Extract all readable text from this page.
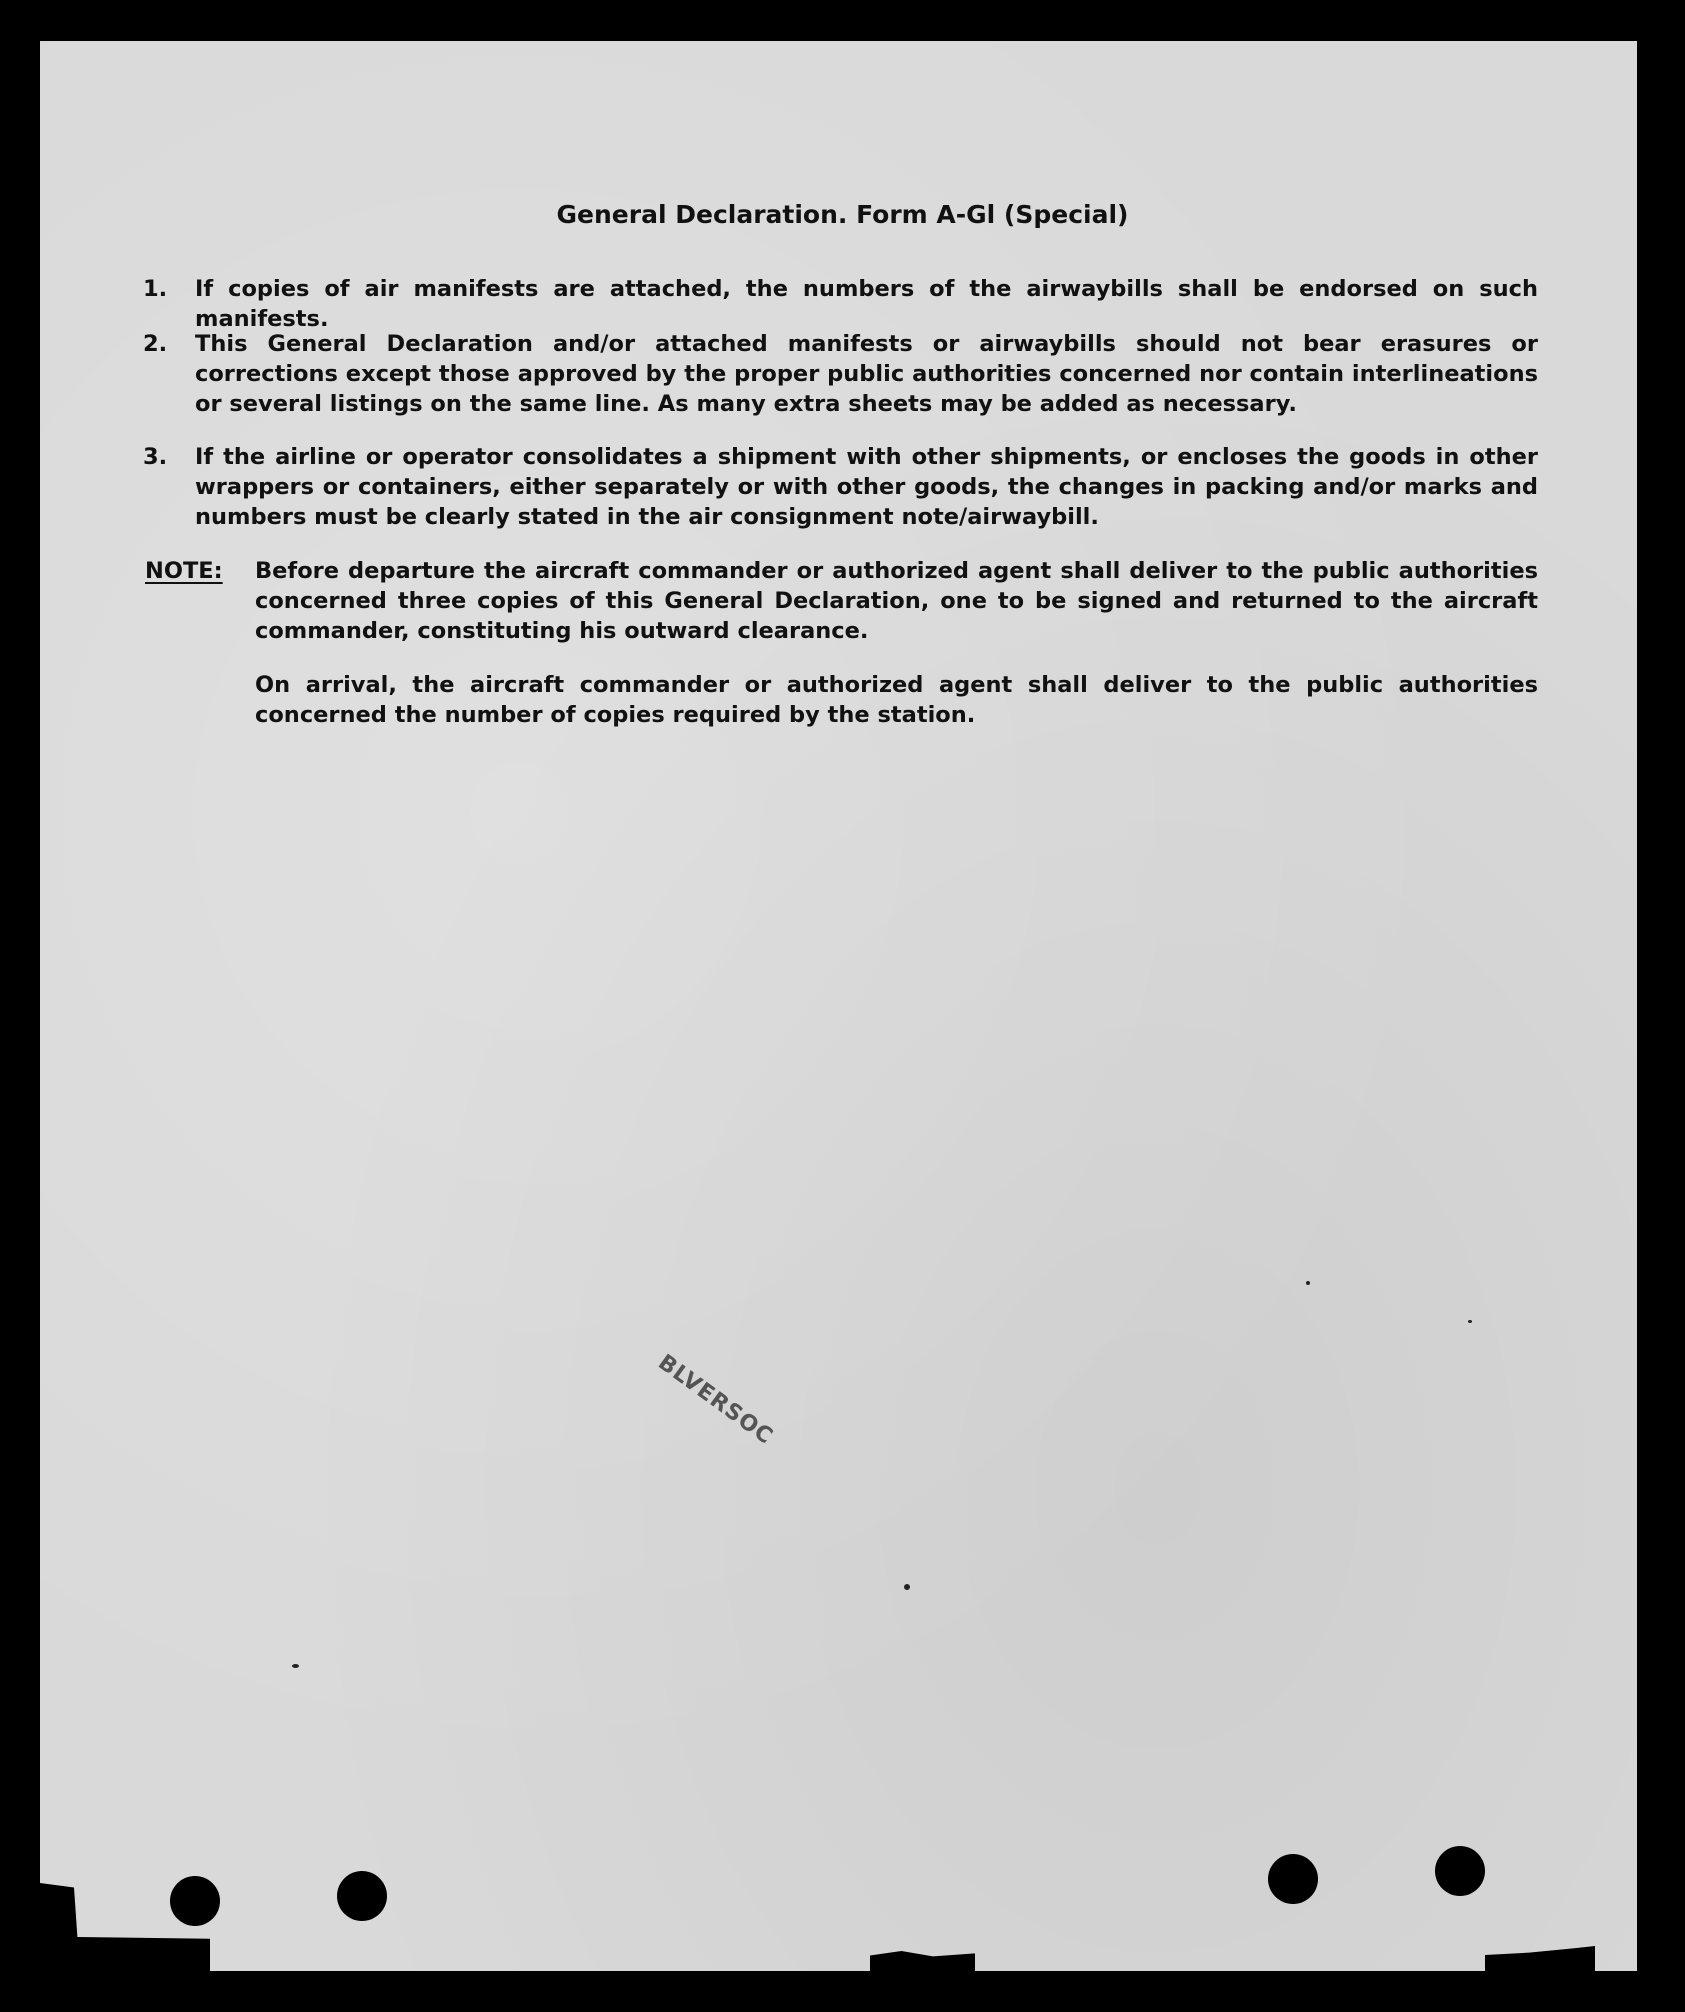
General Declaration. Form A-Gl (Special)
1. If copies of air manifests are attached, the numbers of the airwaybills shall be endorsed on such manifests.
2. This General Declaration and/or attached manifests or airwaybills should not bear erasures or corrections except those approved by the proper public authorities concerned nor contain interlineations or several listings on the same line. As many extra sheets may be added as necessary.
3. If the airline or operator consolidates a shipment with other shipments, or encloses the goods in other wrappers or containers, either separately or with other goods, the changes in packing and/or marks and numbers must be clearly stated in the air consignment note/airwaybill.
NOTE: Before departure the aircraft commander or authorized agent shall deliver to the public authorities concerned three copies of this General Declaration, one to be signed and returned to the aircraft commander, constituting his outward clearance.
On arrival, the aircraft commander or authorized agent shall deliver to the public authorities concerned the number of copies required by the station.
BLVERSOC
